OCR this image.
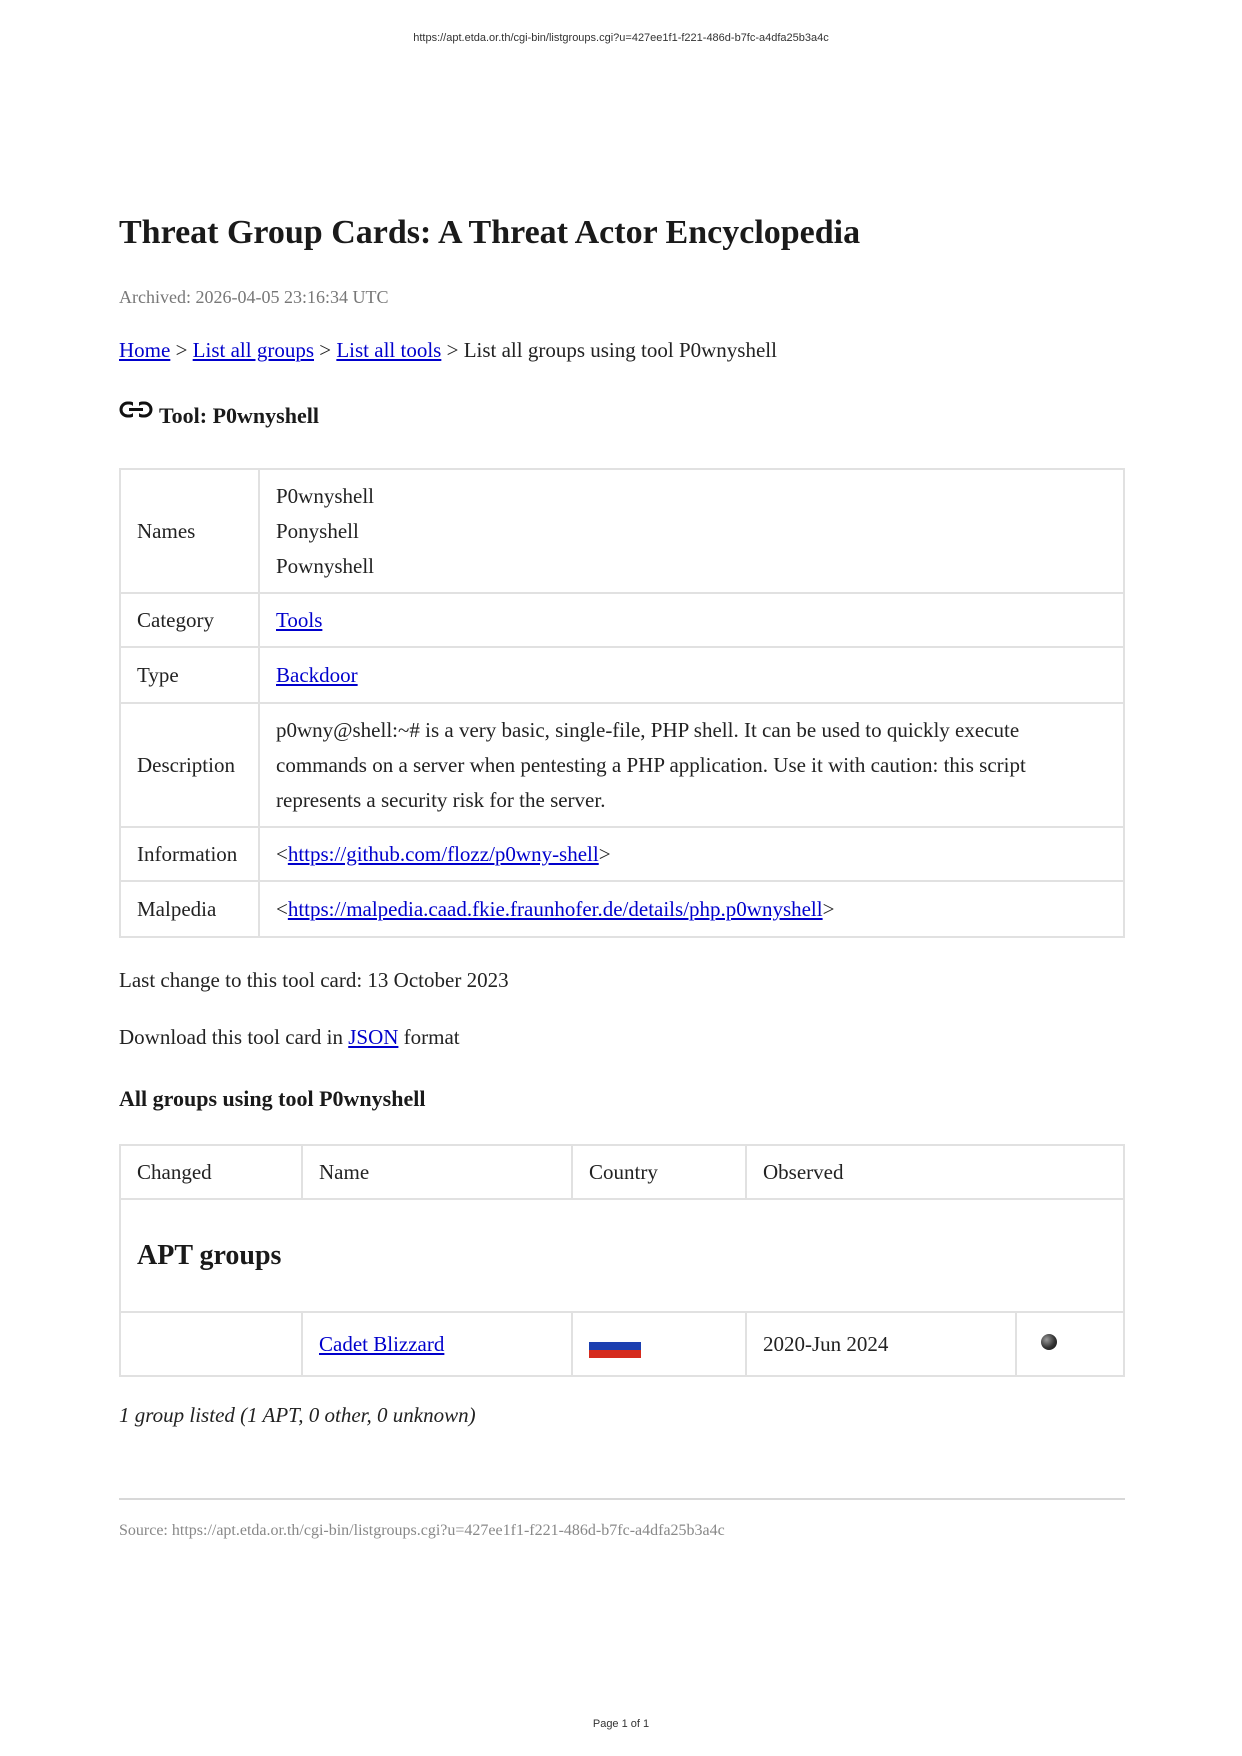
https://apt.etda.or.th/cgi-bin/listgroups.cgi?u=427ee1f1-f221-486d-b7fc-a4dfa25b3a4c
Threat Group Cards: A Threat Actor Encyclopedia
Archived: 2026-04-05 23:16:34 UTC
Home > List all groups > List all tools > List all groups using tool P0wnyshell
Tool: P0wnyshell
Names	P0wnyshell
Ponyshell
Pownyshell

Category	Tools
Type	Backdoor
Description	p0wny@shell:~# is a very basic, single-file, PHP shell. It can be used to quickly execute commands on a server when pentesting a PHP application. Use it with caution: this script represents a security risk for the server.
Information	<https://github.com/flozz/p0wny-shell>
Malpedia	<https://malpedia.caad.fkie.fraunhofer.de/details/php.p0wnyshell>
Last change to this tool card: 13 October 2023
Download this tool card in JSON format
All groups using tool P0wnyshell
Changed	Name	Country	Observed	
APT groups				
	Cadet Blizzard		2020-Jun 2024	
1 group listed (1 APT, 0 other, 0 unknown)
Source: https://apt.etda.or.th/cgi-bin/listgroups.cgi?u=427ee1f1-f221-486d-b7fc-a4dfa25b3a4c
Page 1 of 1
